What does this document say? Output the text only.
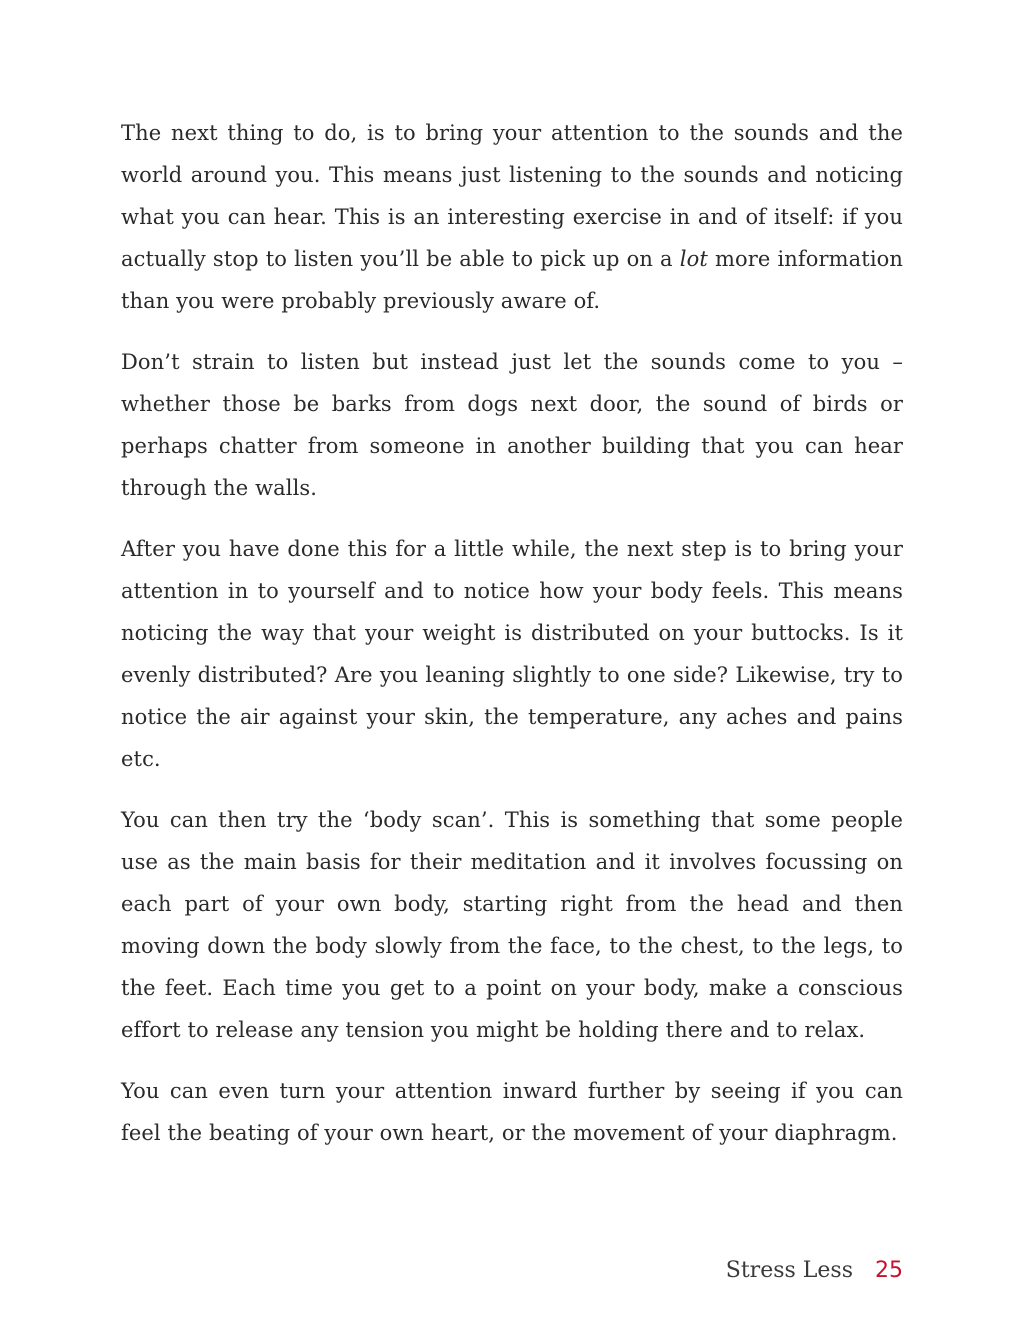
The next thing to do, is to bring your attention to the sounds and the world around you. This means just listening to the sounds and noticing what you can hear. This is an interesting exercise in and of itself: if you actually stop to listen you’ll be able to pick up on a lot more information than you were probably previously aware of.

Don’t strain to listen but instead just let the sounds come to you – whether those be barks from dogs next door, the sound of birds or perhaps chatter from someone in another building that you can hear through the walls.

After you have done this for a little while, the next step is to bring your attention in to yourself and to notice how your body feels. This means noticing the way that your weight is distributed on your buttocks. Is it evenly distributed? Are you leaning slightly to one side? Likewise, try to notice the air against your skin, the temperature, any aches and pains etc.

You can then try the ‘body scan’. This is something that some people use as the main basis for their meditation and it involves focussing on each part of your own body, starting right from the head and then moving down the body slowly from the face, to the chest, to the legs, to the feet. Each time you get to a point on your body, make a conscious effort to release any tension you might be holding there and to relax.

You can even turn your attention inward further by seeing if you can feel the beating of your own heart, or the movement of your diaphragm.

Stress Less 25
